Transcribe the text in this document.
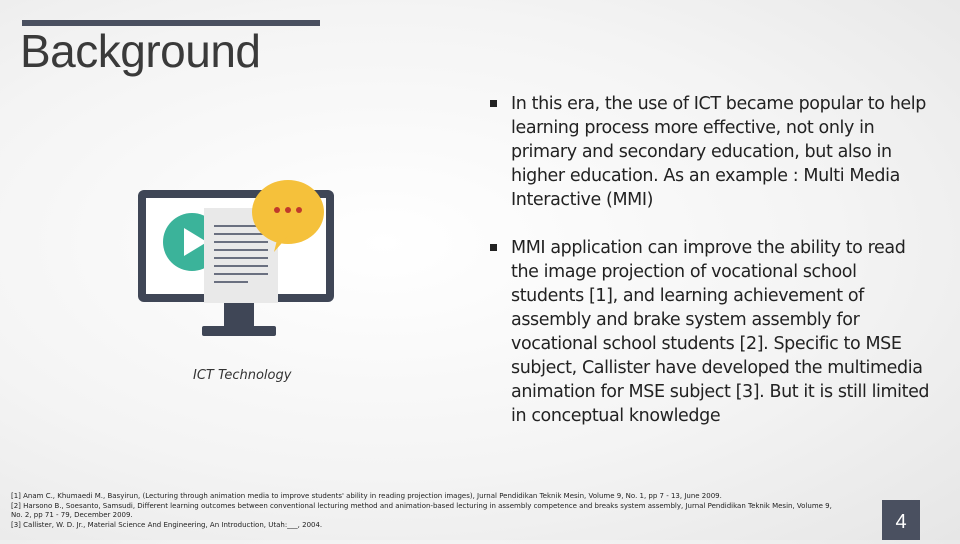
Background
ICT Technology
In this era, the use of ICT became popular to help learning process more effective, not only in primary and secondary education, but also in higher education. As an example : Multi Media Interactive (MMI)
MMI application can improve the ability to read the image projection of vocational school students [1], and learning achievement of assembly and brake system assembly for vocational school students [2]. Specific to MSE subject, Callister have developed the multimedia animation for MSE subject [3]. But it is still limited in conceptual knowledge
[1] Anam C., Khumaedi M., Basyirun, (Lecturing through animation media to improve students' ability in reading projection images), Jurnal Pendidikan Teknik Mesin, Volume 9, No. 1, pp 7 - 13, June 2009.
[2] Harsono B., Soesanto, Samsudi, Different learning outcomes between conventional lecturing method and animation-based lecturing in assembly competence and breaks system assembly, Jurnal Pendidikan Teknik Mesin, Volume 9,
No. 2, pp 71 - 79, December 2009.
[3] Callister, W. D. Jr., Material Science And Engineering, An Introduction, Utah:___, 2004.	4
